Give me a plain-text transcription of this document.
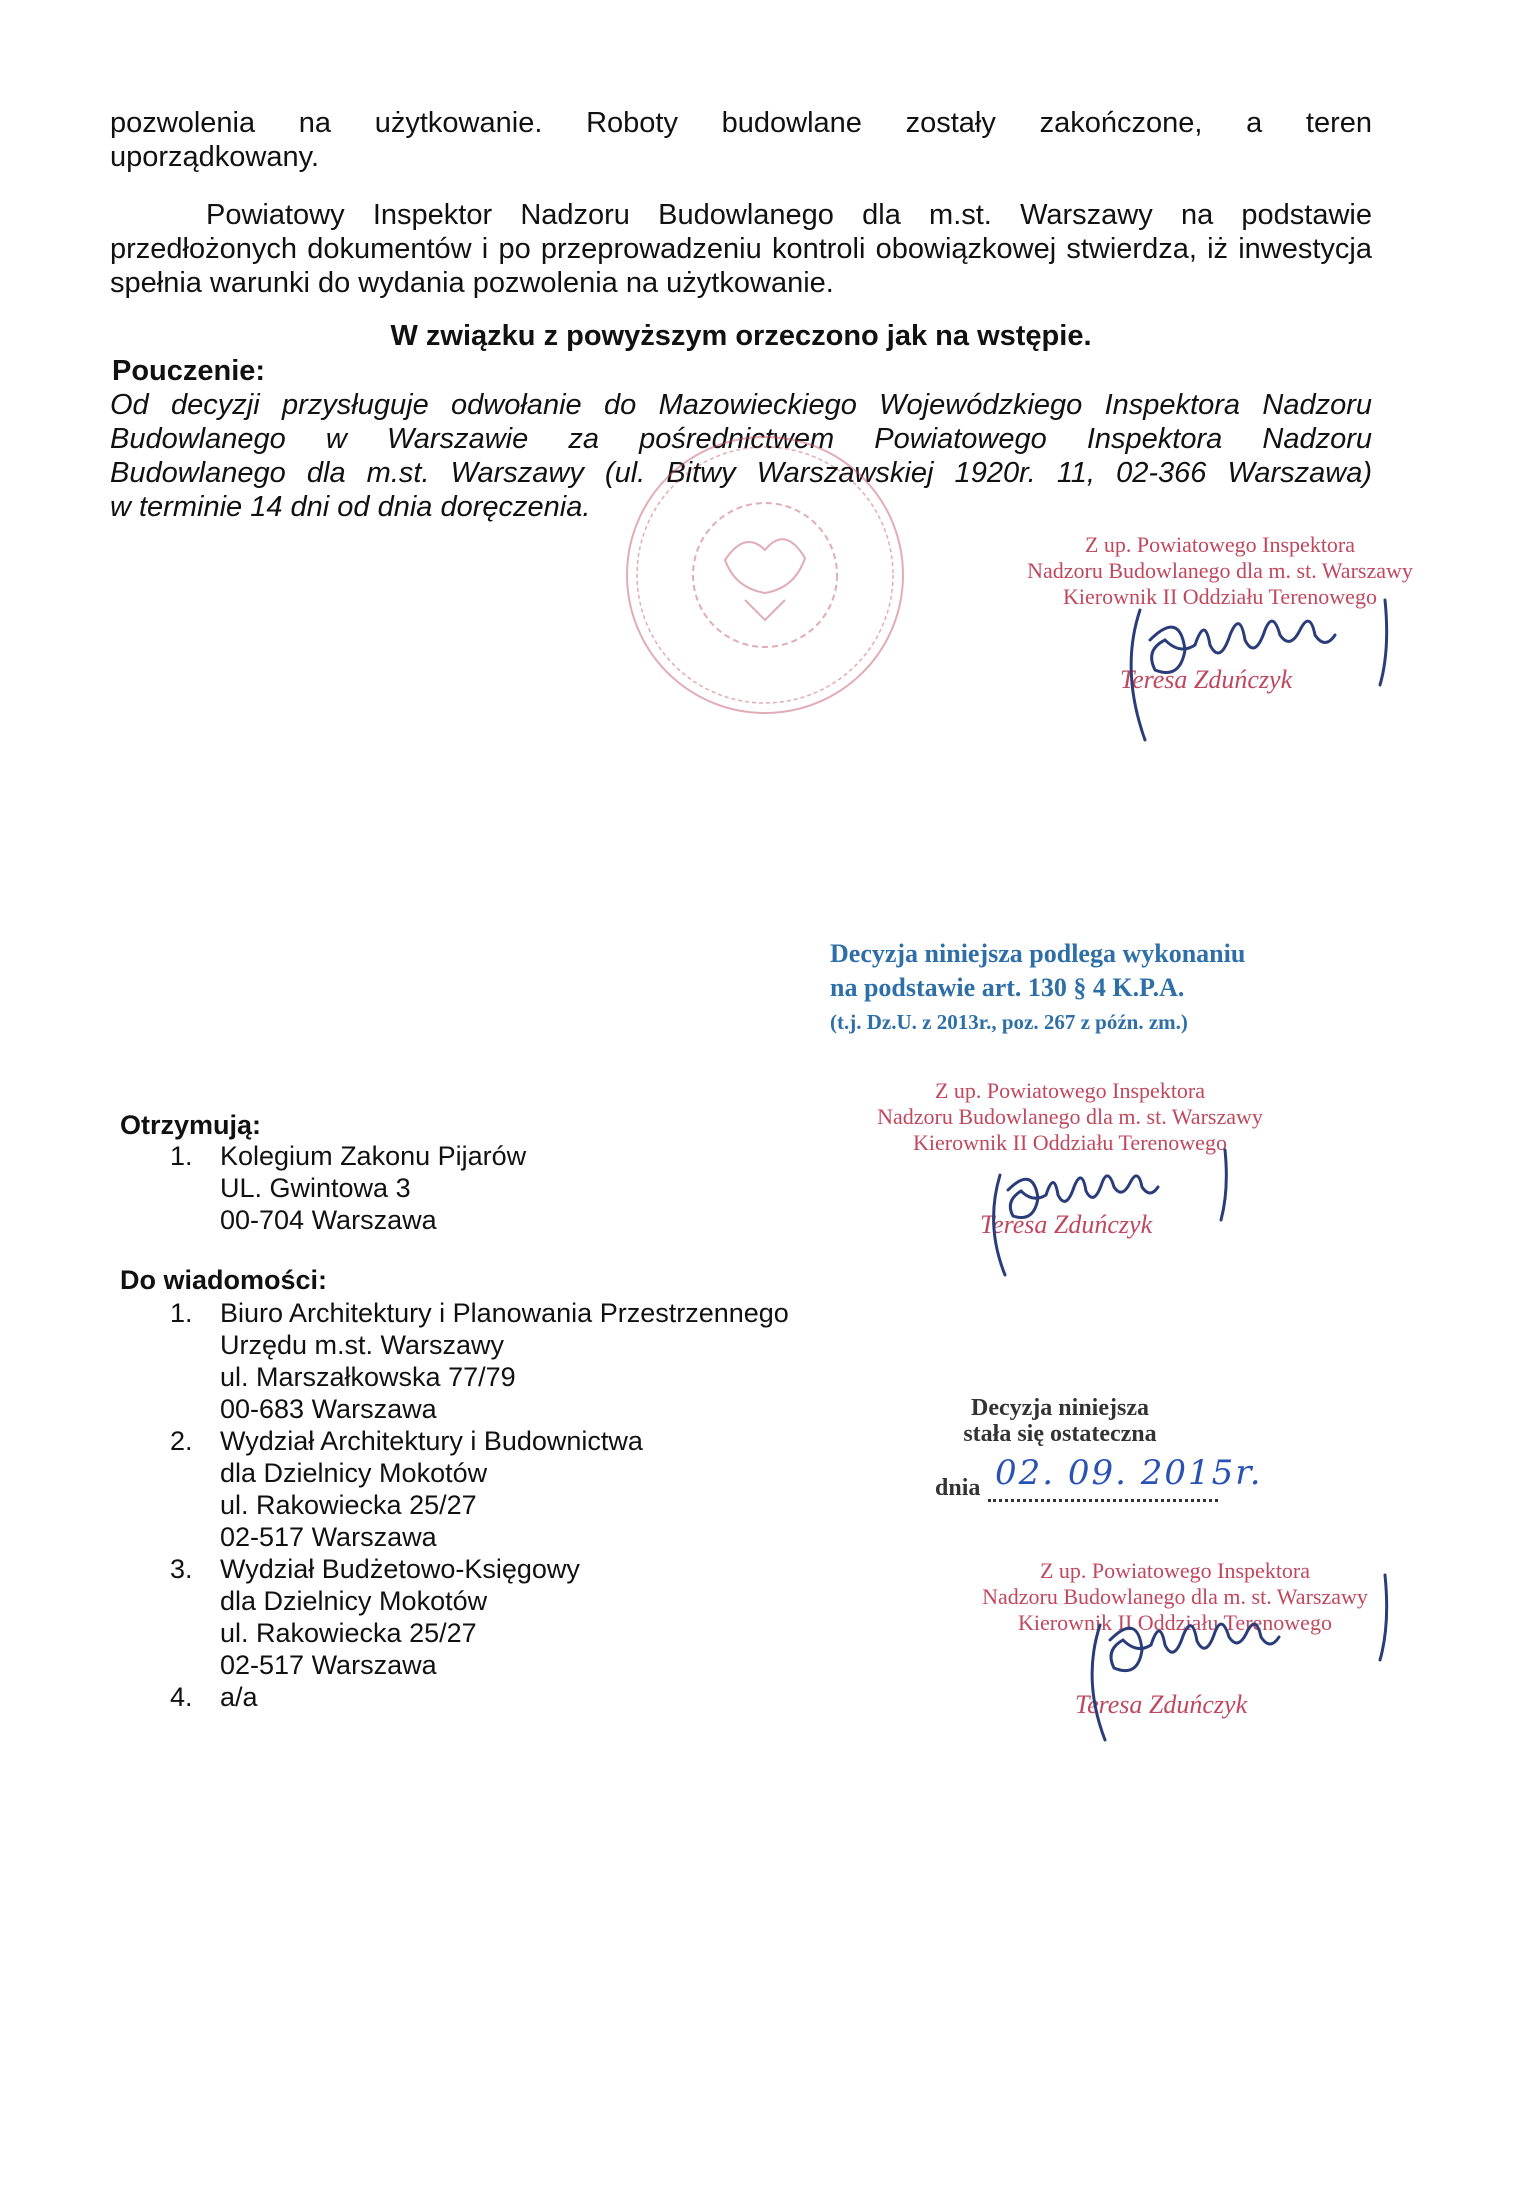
pozwolenia na użytkowanie. Roboty budowlane zostały zakończone, a teren
uporządkowany.
Powiatowy Inspektor Nadzoru Budowlanego dla m.st. Warszawy na podstawie przedłożonych dokumentów i po przeprowadzeniu kontroli obowiązkowej stwierdza, iż inwestycja spełnia warunki do wydania pozwolenia na użytkowanie.
W związku z powyższym orzeczono jak na wstępie.
Pouczenie:
Od decyzji przysługuje odwołanie do Mazowieckiego Wojewódzkiego Inspektora Nadzoru
Budowlanego w Warszawie za pośrednictwem Powiatowego Inspektora Nadzoru
Budowlanego dla m.st. Warszawy (ul. Bitwy Warszawskiej 1920r. 11, 02-366 Warszawa)
w terminie 14 dni od dnia doręczenia.
Z up. Powiatowego Inspektora
Nadzoru Budowlanego dla m. st. Warszawy
Kierownik II Oddziału Terenowego
Teresa Zduńczyk
Decyzja niniejsza podlega wykonaniu
na podstawie art. 130 § 4 K.P.A.
(t.j. Dz.U. z 2013r., poz. 267 z późn. zm.)
Z up. Powiatowego Inspektora
Nadzoru Budowlanego dla m. st. Warszawy
Kierownik II Oddziału Terenowego
Teresa Zduńczyk
Decyzja niniejsza
stała się ostateczna
dnia 02. 09. 2015r.
Z up. Powiatowego Inspektora
Nadzoru Budowlanego dla m. st. Warszawy
Kierownik II Oddziału Terenowego
Teresa Zduńczyk
Otrzymują:
1. Kolegium Zakonu Pijarów
UL. Gwintowa 3
00-704 Warszawa
Do wiadomości:
1. Biuro Architektury i Planowania Przestrzennego
Urzędu m.st. Warszawy
ul. Marszałkowska 77/79
00-683 Warszawa
2. Wydział Architektury i Budownictwa
dla Dzielnicy Mokotów
ul. Rakowiecka 25/27
02-517 Warszawa
3. Wydział Budżetowo-Księgowy
dla Dzielnicy Mokotów
ul. Rakowiecka 25/27
02-517 Warszawa
4. a/a
